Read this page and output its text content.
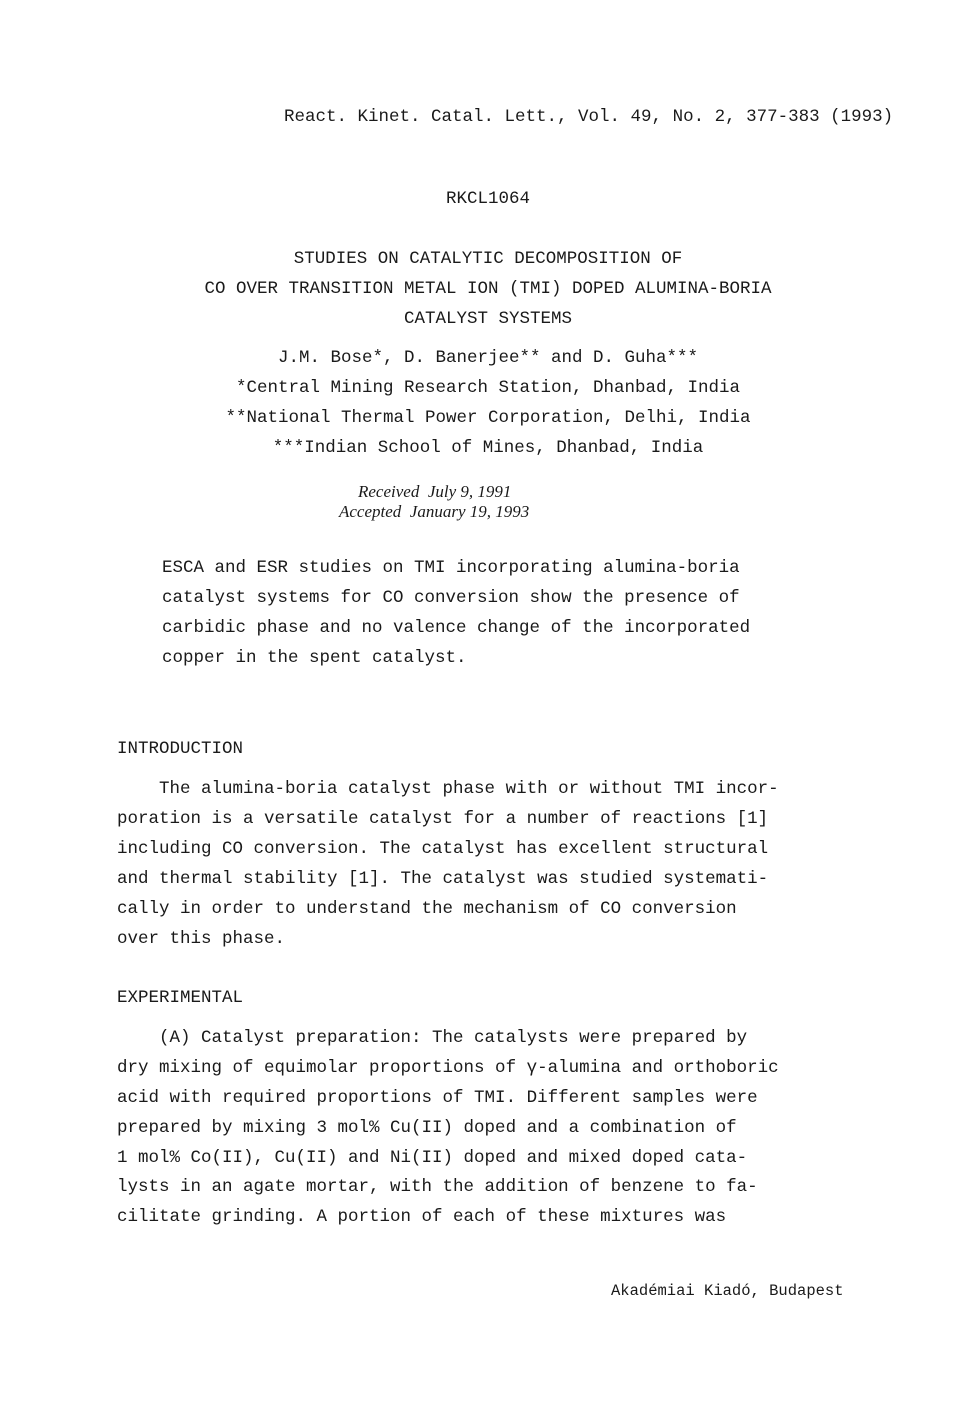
React. Kinet. Catal. Lett., Vol. 49, No. 2, 377-383 (1993)
RKCL1064
STUDIES ON CATALYTIC DECOMPOSITION OF
CO OVER TRANSITION METAL ION (TMI) DOPED ALUMINA-BORIA
CATALYST SYSTEMS
J.M. Bose*, D. Banerjee** and D. Guha***
*Central Mining Research Station, Dhanbad, India
**National Thermal Power Corporation, Delhi, India
***Indian School of Mines, Dhanbad, India
Received  July 9, 1991
Accepted  January 19, 1993
ESCA and ESR studies on TMI incorporating alumina-boria
catalyst systems for CO conversion show the presence of
carbidic phase and no valence change of the incorporated
copper in the spent catalyst.
INTRODUCTION
The alumina-boria catalyst phase with or without TMI incor-
poration is a versatile catalyst for a number of reactions [1]
including CO conversion. The catalyst has excellent structural
and thermal stability [1]. The catalyst was studied systemati-
cally in order to understand the mechanism of CO conversion
over this phase.
EXPERIMENTAL
(A) Catalyst preparation: The catalysts were prepared by
dry mixing of equimolar proportions of γ-alumina and orthoboric
acid with required proportions of TMI. Different samples were
prepared by mixing 3 mol% Cu(II) doped and a combination of
1 mol% Co(II), Cu(II) and Ni(II) doped and mixed doped cata-
lysts in an agate mortar, with the addition of benzene to fa-
cilitate grinding. A portion of each of these mixtures was
Akadémiai Kiadó, Budapest
